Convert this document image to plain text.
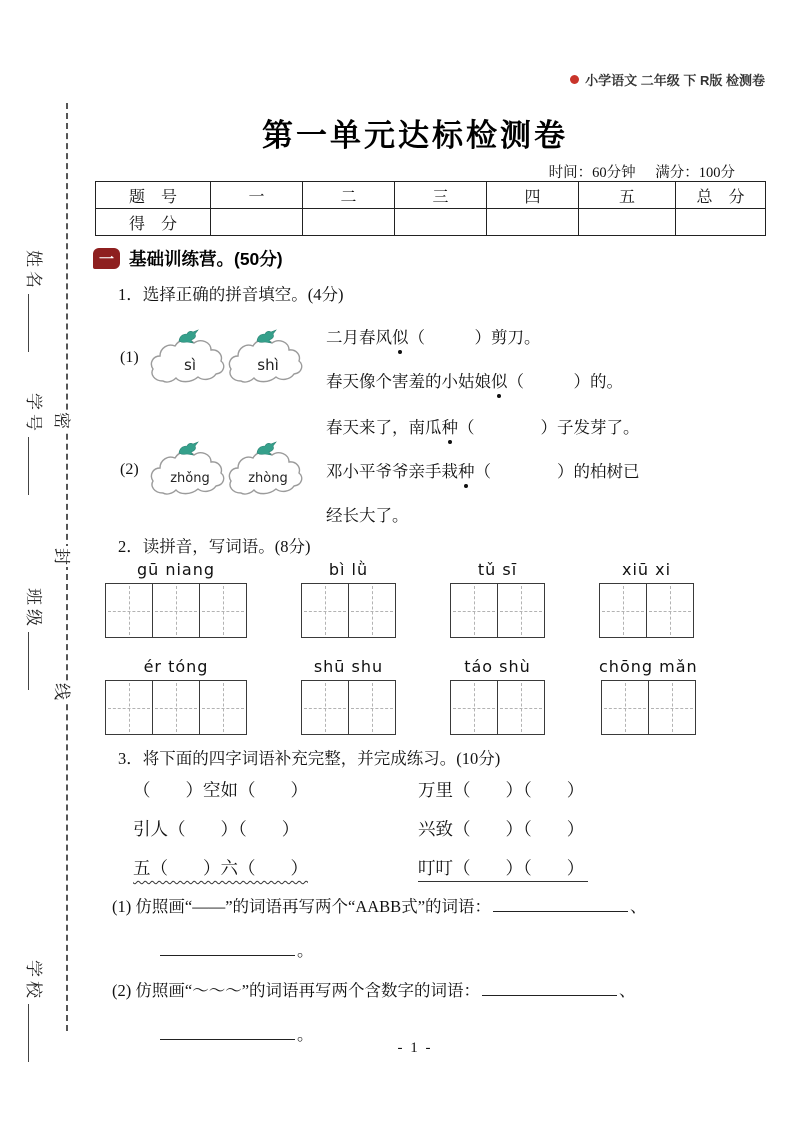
姓名
学号
班级
学校
密
封
线
小学语文 二年级 下 R版 检测卷
第一单元达标检测卷
时间：60分钟 满分：100分
题　号	一	二	三	四	五	总　分
得　分						
一 基础训练营。(50分)
1．选择正确的拼音填空。(4分)
(1)	sì	shì
二月春风 似 （　　　）剪刀。
春天像个害羞的小姑娘 似 （　　　）的。
(2)
zhǒng	zhòng
春天来了，南瓜 种 （　　　　）子发芽了。
邓小平爷爷亲手栽 种 （　　　　）的柏树已
经长大了。
2．读拼音，写词语。(8分)
gū niang	bì lǜ	tǔ sī	xiū xi
ér tóng	shū shu	táo shù	chōng mǎn
3．将下面的四字词语补充完整，并完成练习。(10分)
（　　）空如（　　）	万里（　　）（　　）
引人（　　）（　　）	兴致（　　）（　　）
五（　　）六（　　）	叮叮（　　）（　　）
(1) 仿照画“——”的词语再写两个“AABB式”的词语：	、
。
(2) 仿照画“～～～”的词语再写两个含数字的词语：	、
。
- 1 -
